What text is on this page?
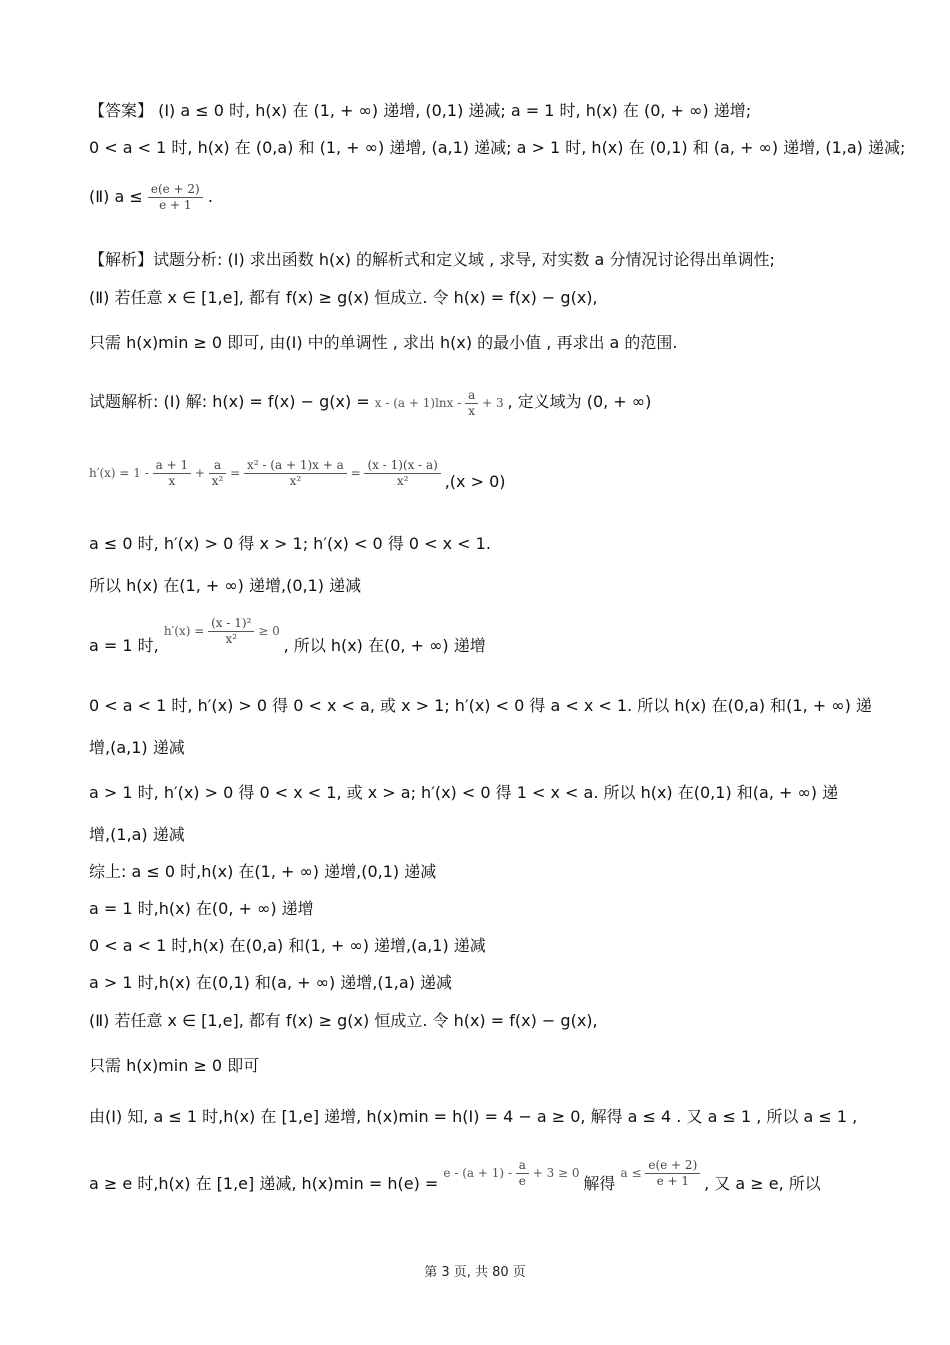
【答案】 (I) a ≤ 0 时, h(x) 在 (1, + ∞) 递增, (0,1) 递减; a = 1 时, h(x) 在 (0, + ∞) 递增;
0 < a < 1 时, h(x) 在 (0,a) 和 (1, + ∞) 递增, (a,1) 递减; a > 1 时, h(x) 在 (0,1) 和 (a, + ∞) 递增, (1,a) 递减;
(Ⅱ) $a \le \frac{e(e + 2)}{e + 1}$ .
【解析】试题分析: (I) 求出函数 h(x) 的解析式和定义域 , 求导, 对实数 a 分情况讨论得出单调性;
(Ⅱ) 若任意 x ∈ [1,e], 都有 f(x) ≥ g(x) 恒成立. 令 h(x) = f(x) − g(x),
只需 h(x)min ≥ 0 即可, 由(I) 中的单调性 , 求出 h(x) 的最小值 , 再求出 a 的范围.
试题解析: (I) 解: $h(x) = f(x) - g(x) = x - (a + 1)\ln x - \frac{a}{x} + 3$ , 定义域为 (0, + ∞)
$h'(x) = 1 - \frac{a + 1}{x} + \frac{a}{\text{x²}} = \frac{\text{x² - (a + 1)x + a}}{\text{x²}} = \frac{(x - 1)(x - a)}{\text{x²}} ,(x > 0)$
a ≤ 0 时, h′(x) > 0 得 x > 1; h′(x) < 0 得 0 < x < 1.
所以 h(x) 在(1, + ∞) 递增,(0,1) 递减
a = 1 时, $h'(x) = \frac{\text{(x - 1)²}}{\text{x²}} \ge 0$ , 所以 h(x) 在(0, + ∞) 递增
0 < a < 1 时, h′(x) > 0 得 0 < x < a, 或 x > 1; h′(x) < 0 得 a < x < 1. 所以 h(x) 在(0,a) 和(1, + ∞) 递
增,(a,1) 递减
a > 1 时, h′(x) > 0 得 0 < x < 1, 或 x > a; h′(x) < 0 得 1 < x < a. 所以 h(x) 在(0,1) 和(a, + ∞) 递
增,(1,a) 递减
综上: a ≤ 0 时,h(x) 在(1, + ∞) 递增,(0,1) 递减
a = 1 时,h(x) 在(0, + ∞) 递增
0 < a < 1 时,h(x) 在(0,a) 和(1, + ∞) 递增,(a,1) 递减
a > 1 时,h(x) 在(0,1) 和(a, + ∞) 递增,(1,a) 递减
(Ⅱ) 若任意 x ∈ [1,e], 都有 f(x) ≥ g(x) 恒成立. 令 h(x) = f(x) − g(x),
只需 h(x)min ≥ 0 即可
由(I) 知, a ≤ 1 时,h(x) 在 [1,e] 递增, h(x)min = h(I) = 4 − a ≥ 0, 解得 a ≤ 4 . 又 a ≤ 1 , 所以 a ≤ 1 ,
a ≥ e 时,h(x) 在 [1,e] 递减, $h(x)\min = h(e) = e - (a + 1) - \frac{a}{e} + 3 \ge 0$ 解得 $a \le \frac{e(e + 2)}{e + 1}$ , 又 a ≥ e, 所以
第 3 页, 共 80 页
